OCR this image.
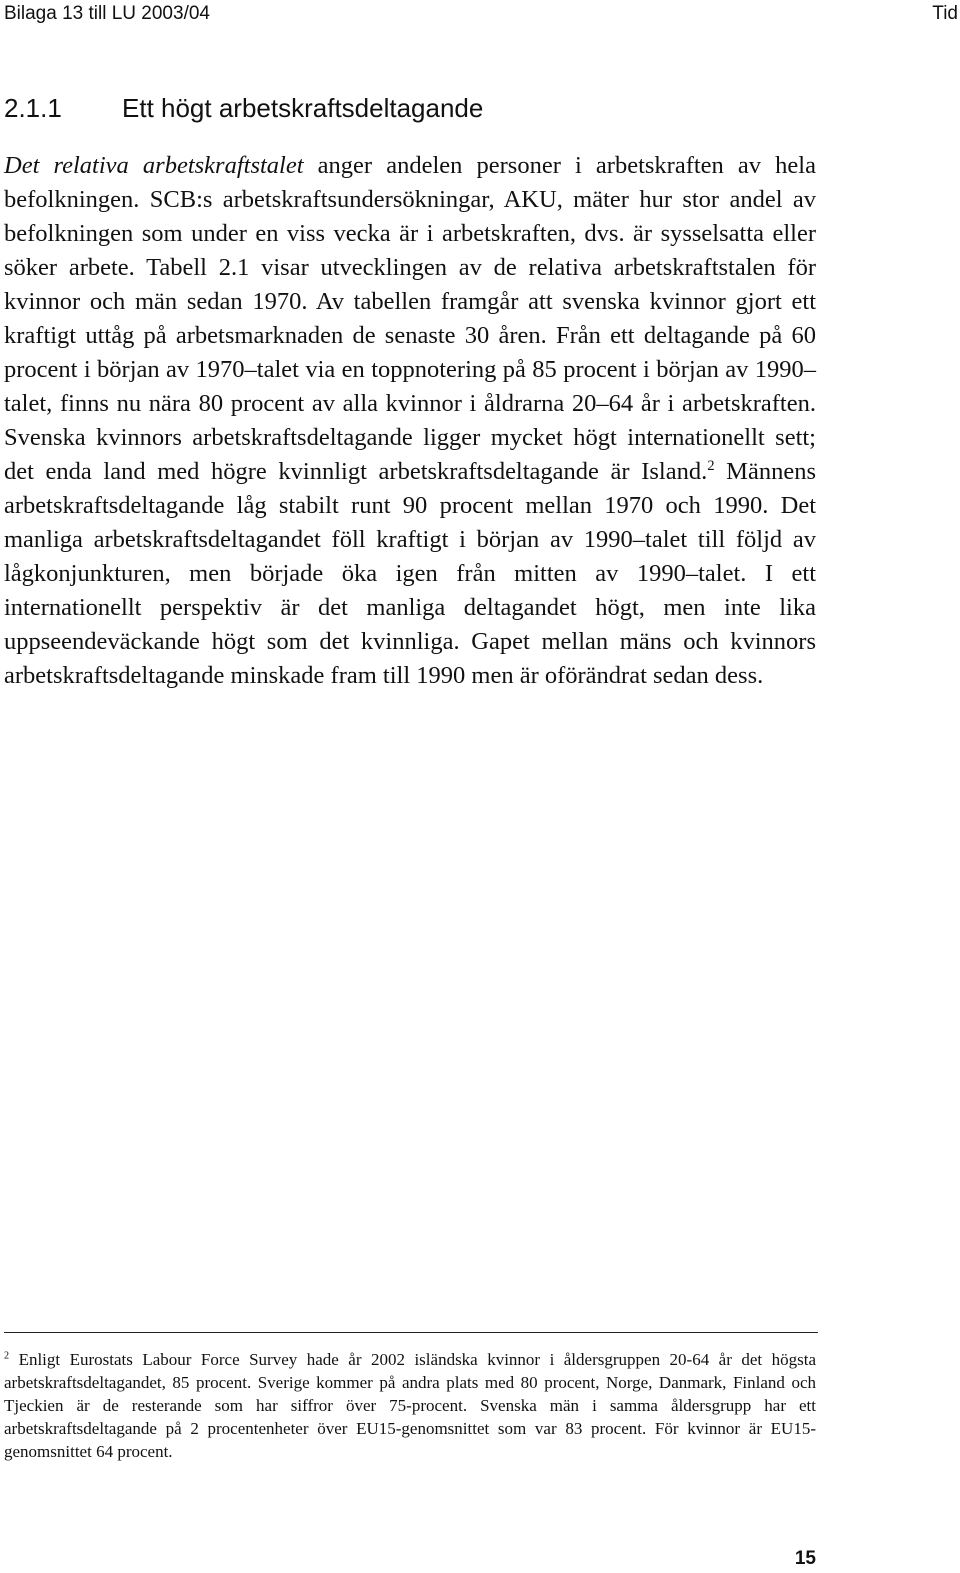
Bilaga 13 till LU 2003/04	Tid
2.1.1 Ett högt arbetskraftsdeltagande

Det relativa arbetskraftstalet anger andelen personer i arbetskraften av hela befolkningen. SCB:s arbetskraftsundersökningar, AKU, mäter hur stor andel av befolkningen som under en viss vecka är i arbetskraften, dvs. är sysselsatta eller söker arbete. Tabell 2.1 visar utvecklingen av de relativa arbetskraftstalen för kvinnor och män sedan 1970. Av tabellen framgår att svenska kvinnor gjort ett kraftigt uttåg på arbetsmarknaden de senaste 30 åren. Från ett deltagande på 60 procent i början av 1970–talet via en toppnotering på 85 procent i början av 1990–talet, finns nu nära 80 procent av alla kvinnor i åldrarna 20–64 år i arbetskraften. Svenska kvinnors arbetskraftsdeltagande ligger mycket högt internationellt sett; det enda land med högre kvinnligt arbetskraftsdeltagande är Island.$^2$ Männens arbetskraftsdeltagande låg stabilt runt 90 procent mellan 1970 och 1990. Det manliga arbetskraftsdeltagandet föll kraftigt i början av 1990–talet till följd av lågkonjunkturen, men började öka igen från mitten av 1990–talet. I ett internationellt perspektiv är det manliga deltagandet högt, men inte lika uppseendeväckande högt som det kvinnliga. Gapet mellan mäns och kvinnors arbetskraftsdeltagande minskade fram till 1990 men är oförändrat sedan dess.

$^2$ Enligt Eurostats Labour Force Survey hade år 2002 isländska kvinnor i åldersgruppen 20-64 år det högsta arbetskraftsdeltagandet, 85 procent. Sverige kommer på andra plats med 80 procent, Norge, Danmark, Finland och Tjeckien är de resterande som har siffror över 75-procent. Svenska män i samma åldersgrupp har ett arbetskraftsdeltagande på 2 procentenheter över EU15-genomsnittet som var 83 procent. För kvinnor är EU15-genomsnittet 64 procent.

15
